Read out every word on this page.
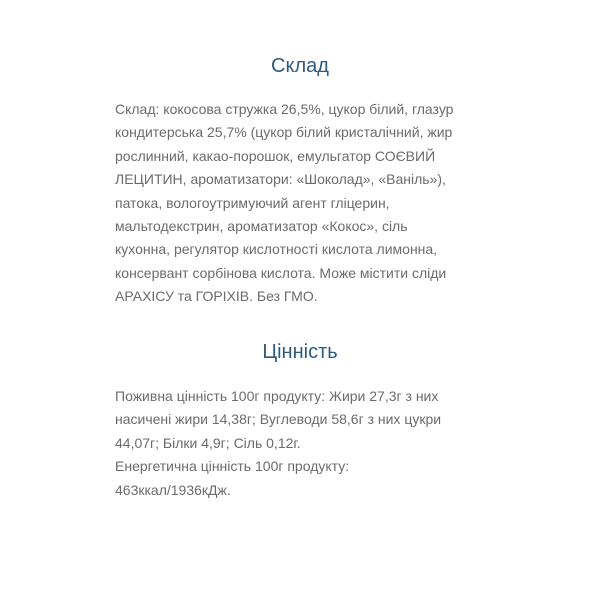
Склад
Склад: кокосова стружка 26,5%, цукор білий, глазур
кондитерська 25,7% (цукор білий кристалічний, жир
рослинний, какао-порошок, емульгатор СОЄВИЙ
ЛЕЦИТИН, ароматизатори: «Шоколад», «Ваніль»),
патока, вологоутримуючий агент гліцерин,
мальтодекстрин, ароматизатор «Кокос», сіль
кухонна, регулятор кислотності кислота лимонна,
консервант сорбінова кислота. Може містити сліди
АРАХІСУ та ГОРІХІВ. Без ГМО.
Цінність
Поживна цінність 100г продукту: Жири 27,3г з них
насичені жири 14,38г; Вуглеводи 58,6г з них цукри
44,07г; Білки 4,9г; Сіль 0,12г.
Енергетична цінність 100г продукту:
463ккал/1936кДж.
